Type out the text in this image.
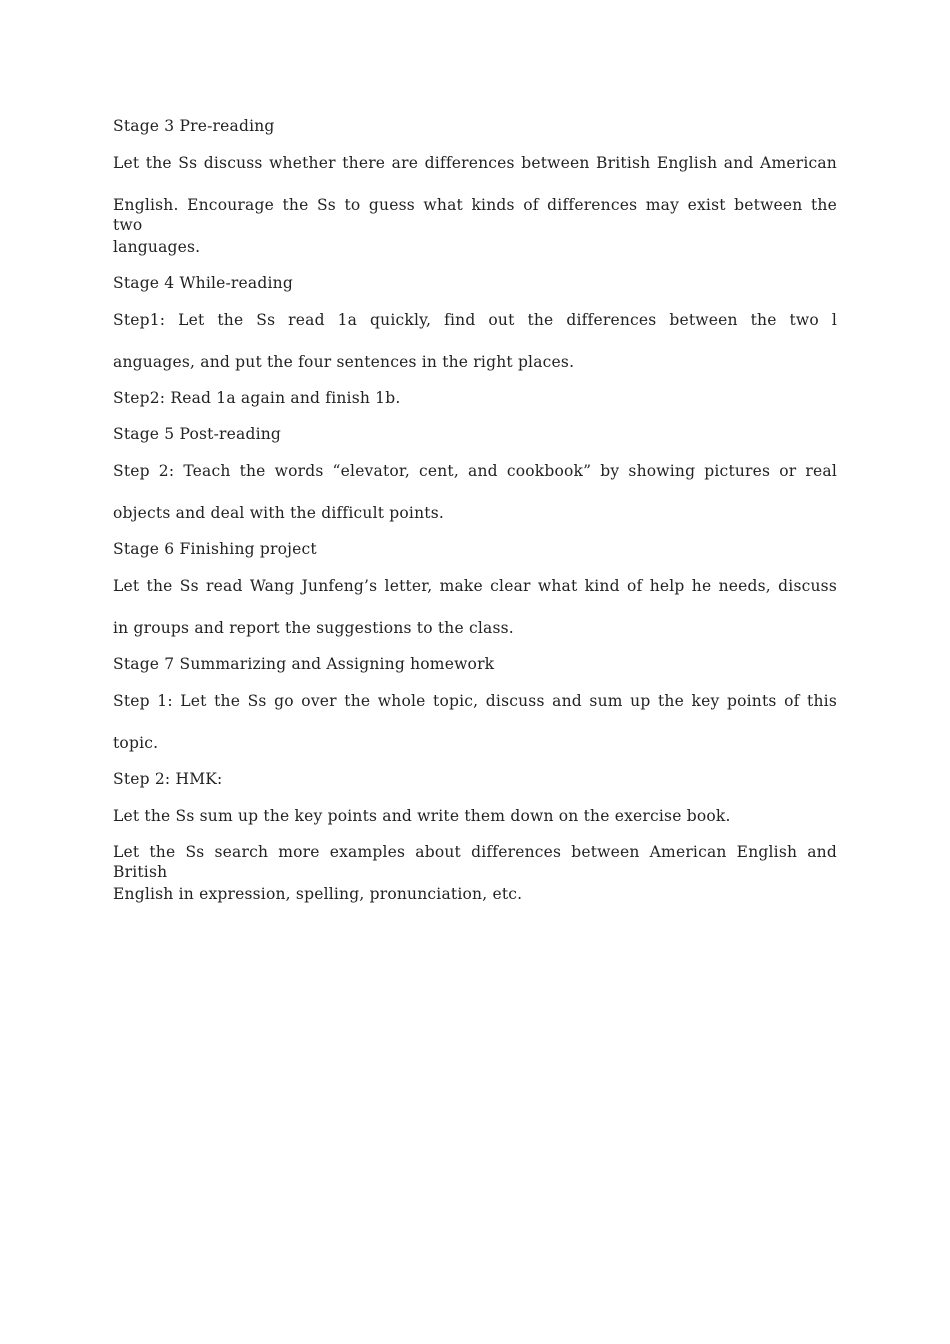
Stage 3 Pre-reading
Let the Ss discuss whether there are differences between British English and American
English. Encourage the Ss to guess what kinds of differences may exist between the two
languages.
Stage 4 While-reading
Step1: Let the Ss read 1a quickly, find out the differences between the two l
anguages, and put the four sentences in the right places.
Step2: Read 1a again and finish 1b.
Stage 5 Post-reading
Step 2: Teach the words “elevator, cent, and cookbook” by showing pictures or real
objects and deal with the difficult points.
Stage 6 Finishing project
Let the Ss read Wang Junfeng’s letter, make clear what kind of help he needs, discuss
in groups and report the suggestions to the class.
Stage 7 Summarizing and Assigning homework
Step 1: Let the Ss go over the whole topic, discuss and sum up the key points of this
topic.
Step 2: HMK:
Let the Ss sum up the key points and write them down on the exercise book.
Let the Ss search more examples about differences between American English and British
English in expression, spelling, pronunciation, etc.
